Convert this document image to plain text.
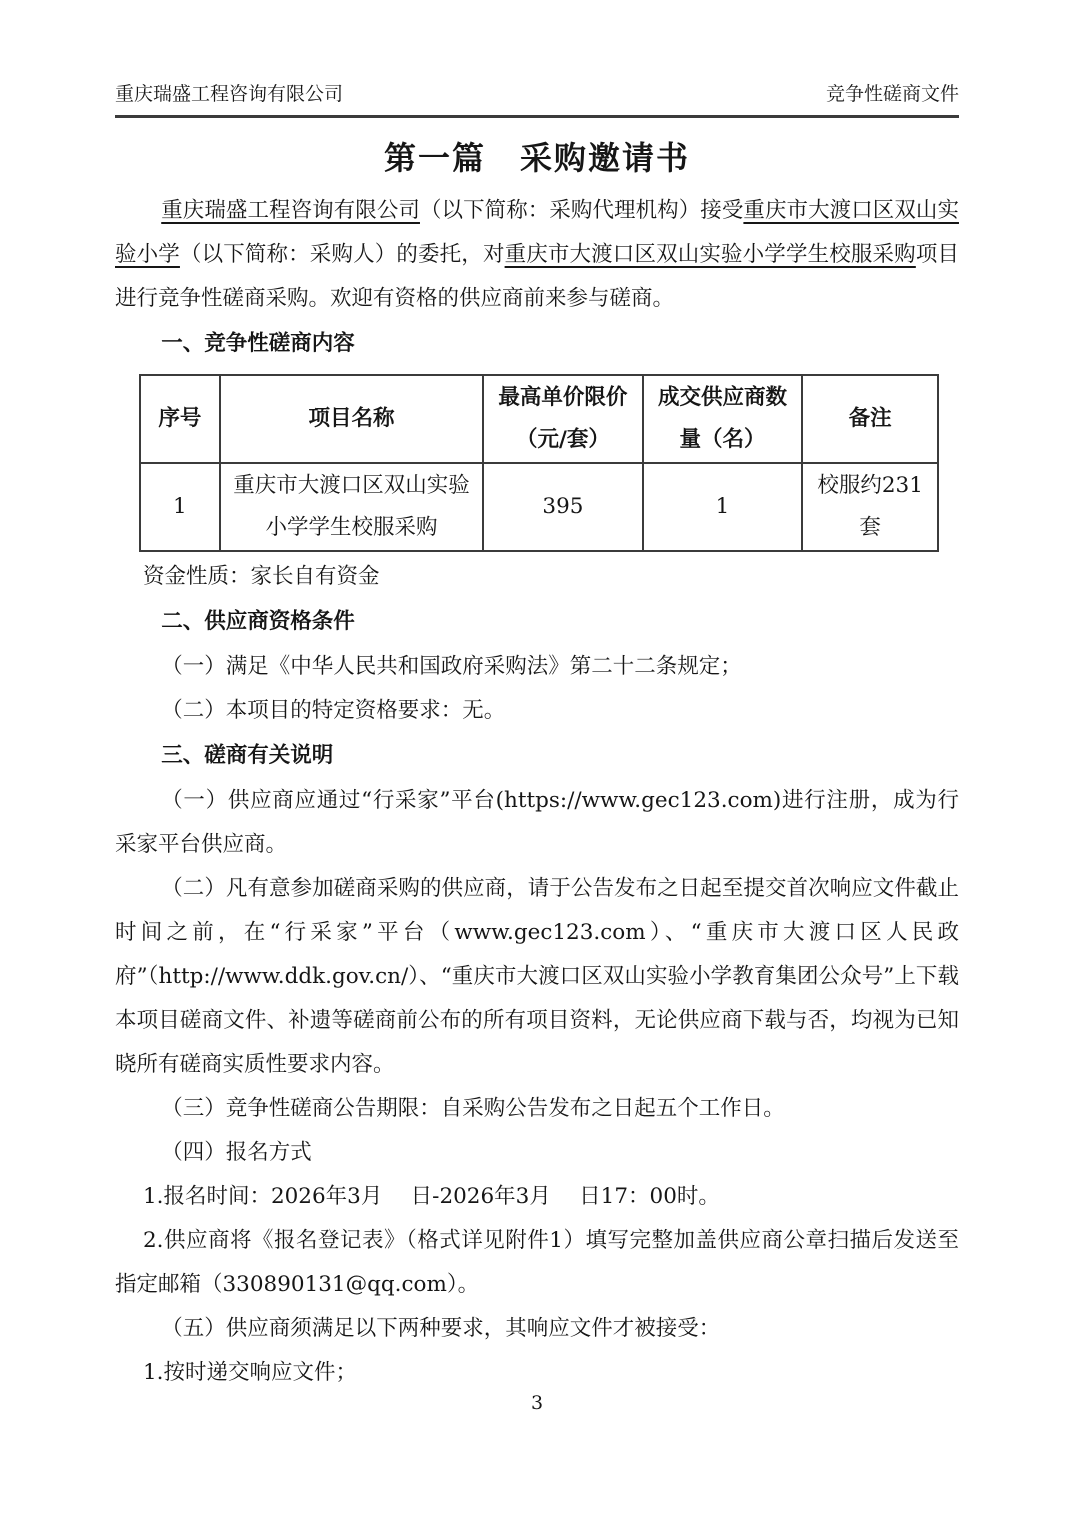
重庆瑞盛工程咨询有限公司	竞争性磋商文件
第一篇　采购邀请书

重庆瑞盛工程咨询有限公司（以下简称：采购代理机构）接受重庆市大渡口区双山实验小学（以下简称：采购人）的委托，对重庆市大渡口区双山实验小学学生校服采购项目进行竞争性磋商采购。欢迎有资格的供应商前来参与磋商。

一、竞争性磋商内容
序号	项目名称	最高单价限价（元/套）	成交供应商数量（名）	备注
1	重庆市大渡口区双山实验小学学生校服采购	395	1	校服约231套

资金性质：家长自有资金

二、供应商资格条件

（一）满足《中华人民共和国政府采购法》第二十二条规定；

（二）本项目的特定资格要求：无。

三、磋商有关说明

（一）供应商应通过“行采家”平台(https://www.gec123.com)进行注册，成为行采家平台供应商。

（二）凡有意参加磋商采购的供应商，请于公告发布之日起至提交首次响应文件截止时间之前，在“行采家”平台（www.gec123.com）、“重庆市大渡口区人民政府”（http://www.ddk.gov.cn/）、“重庆市大渡口区双山实验小学教育集团公众号”上下载本项目磋商文件、补遗等磋商前公布的所有项目资料，无论供应商下载与否，均视为已知晓所有磋商实质性要求内容。

（三）竞争性磋商公告期限：自采购公告发布之日起五个工作日。

（四）报名方式

1.报名时间：2026年3月　 日-2026年3月　 日17：00时。

2.供应商将《报名登记表》（格式详见附件1）填写完整加盖供应商公章扫描后发送至指定邮箱（330890131@qq.com）。

（五）供应商须满足以下两种要求，其响应文件才被接受：

1.按时递交响应文件；

3
